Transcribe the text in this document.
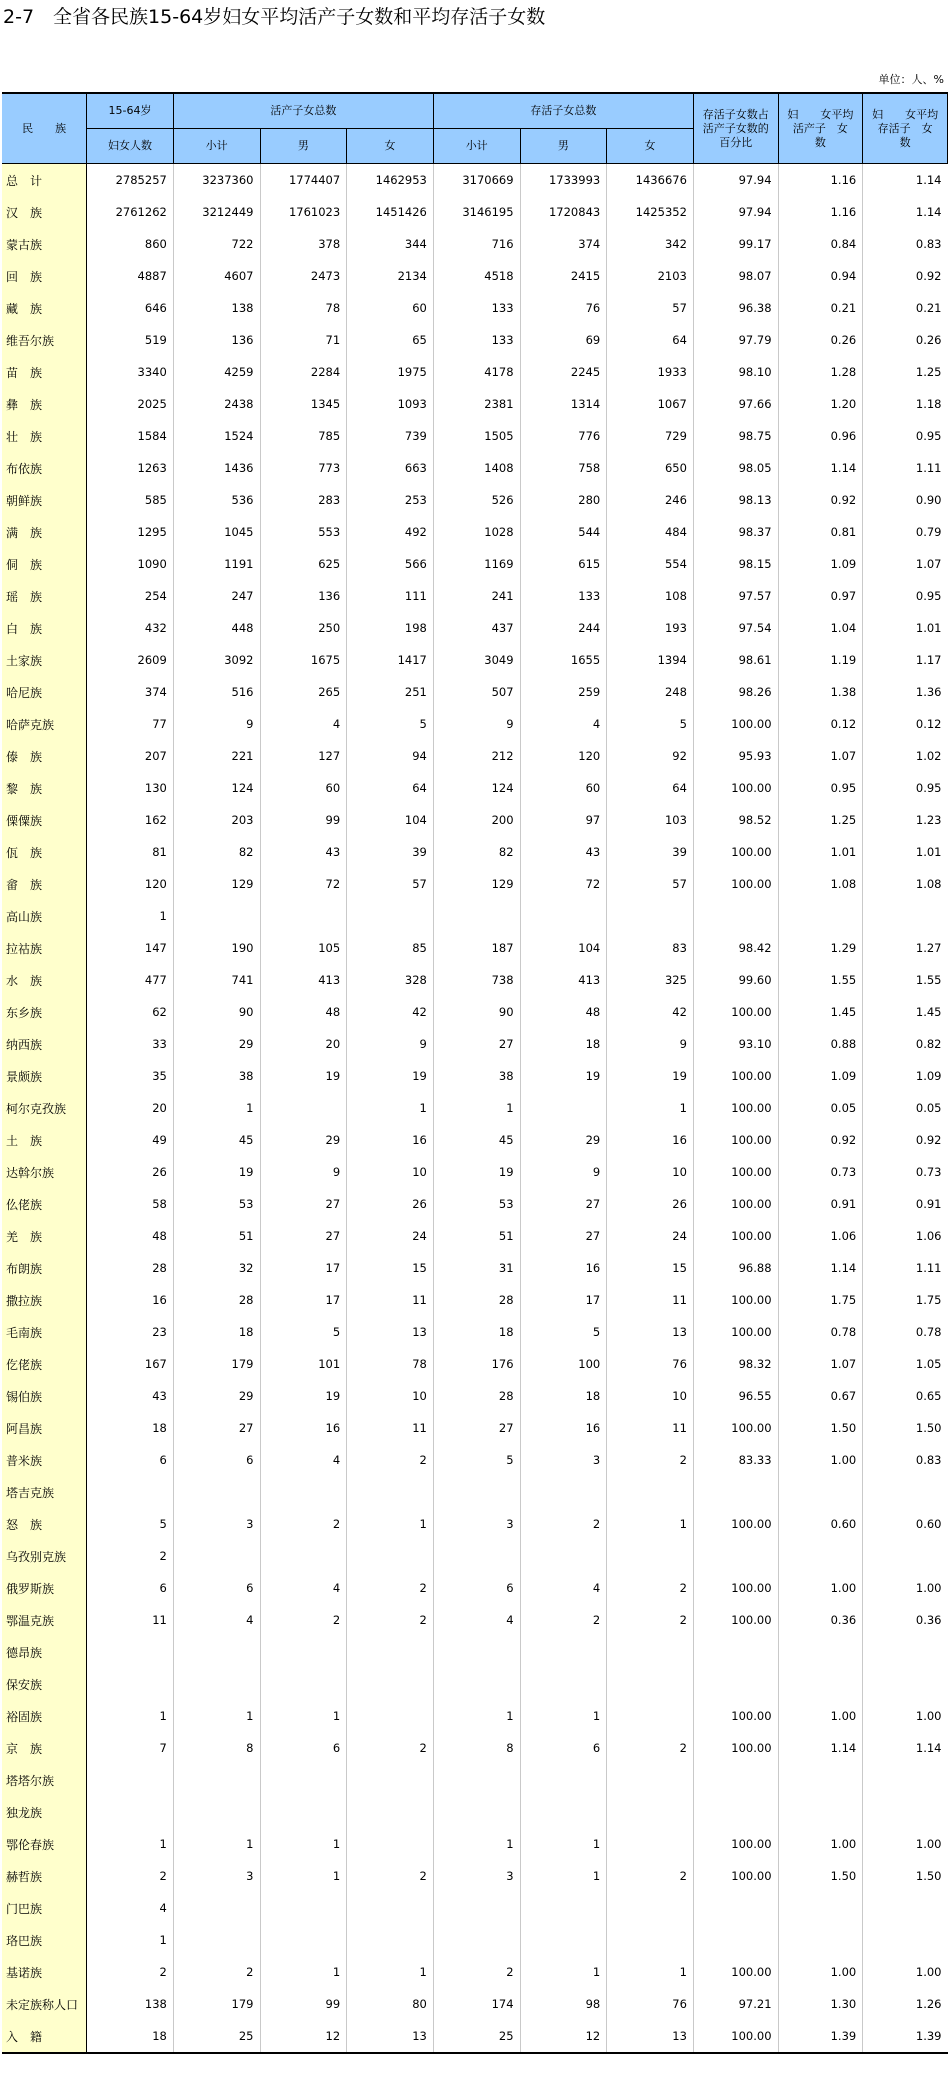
2-7　全省各民族15-64岁妇女平均活产子女数和平均存活子女数
单位：人、%
民　　族	15-64岁	活产子女总数			存活子女总数			存活子女数占活产子女数的百分比	妇　　女平均活产子　女　数	妇　　女平均存活子　女　数
	妇女人数	小计	男	女	小计	男	女			
总　计	2785257	3237360	1774407	1462953	3170669	1733993	1436676	97.94	1.16	1.14
汉　族	2761262	3212449	1761023	1451426	3146195	1720843	1425352	97.94	1.16	1.14
蒙古族	860	722	378	344	716	374	342	99.17	0.84	0.83
回　族	4887	4607	2473	2134	4518	2415	2103	98.07	0.94	0.92
藏　族	646	138	78	60	133	76	57	96.38	0.21	0.21
维吾尔族	519	136	71	65	133	69	64	97.79	0.26	0.26
苗　族	3340	4259	2284	1975	4178	2245	1933	98.10	1.28	1.25
彝　族	2025	2438	1345	1093	2381	1314	1067	97.66	1.20	1.18
壮　族	1584	1524	785	739	1505	776	729	98.75	0.96	0.95
布依族	1263	1436	773	663	1408	758	650	98.05	1.14	1.11
朝鲜族	585	536	283	253	526	280	246	98.13	0.92	0.90
满　族	1295	1045	553	492	1028	544	484	98.37	0.81	0.79
侗　族	1090	1191	625	566	1169	615	554	98.15	1.09	1.07
瑶　族	254	247	136	111	241	133	108	97.57	0.97	0.95
白　族	432	448	250	198	437	244	193	97.54	1.04	1.01
土家族	2609	3092	1675	1417	3049	1655	1394	98.61	1.19	1.17
哈尼族	374	516	265	251	507	259	248	98.26	1.38	1.36
哈萨克族	77	9	4	5	9	4	5	100.00	0.12	0.12
傣　族	207	221	127	94	212	120	92	95.93	1.07	1.02
黎　族	130	124	60	64	124	60	64	100.00	0.95	0.95
傈僳族	162	203	99	104	200	97	103	98.52	1.25	1.23
佤　族	81	82	43	39	82	43	39	100.00	1.01	1.01
畲　族	120	129	72	57	129	72	57	100.00	1.08	1.08
高山族	1									
拉祜族	147	190	105	85	187	104	83	98.42	1.29	1.27
水　族	477	741	413	328	738	413	325	99.60	1.55	1.55
东乡族	62	90	48	42	90	48	42	100.00	1.45	1.45
纳西族	33	29	20	9	27	18	9	93.10	0.88	0.82
景颇族	35	38	19	19	38	19	19	100.00	1.09	1.09
柯尔克孜族	20	1		1	1		1	100.00	0.05	0.05
土　族	49	45	29	16	45	29	16	100.00	0.92	0.92
达斡尔族	26	19	9	10	19	9	10	100.00	0.73	0.73
仫佬族	58	53	27	26	53	27	26	100.00	0.91	0.91
羌　族	48	51	27	24	51	27	24	100.00	1.06	1.06
布朗族	28	32	17	15	31	16	15	96.88	1.14	1.11
撒拉族	16	28	17	11	28	17	11	100.00	1.75	1.75
毛南族	23	18	5	13	18	5	13	100.00	0.78	0.78
仡佬族	167	179	101	78	176	100	76	98.32	1.07	1.05
锡伯族	43	29	19	10	28	18	10	96.55	0.67	0.65
阿昌族	18	27	16	11	27	16	11	100.00	1.50	1.50
普米族	6	6	4	2	5	3	2	83.33	1.00	0.83
塔吉克族										
怒　族	5	3	2	1	3	2	1	100.00	0.60	0.60
乌孜别克族	2									
俄罗斯族	6	6	4	2	6	4	2	100.00	1.00	1.00
鄂温克族	11	4	2	2	4	2	2	100.00	0.36	0.36
德昂族										
保安族										
裕固族	1	1	1		1	1		100.00	1.00	1.00
京　族	7	8	6	2	8	6	2	100.00	1.14	1.14
塔塔尔族										
独龙族										
鄂伦春族	1	1	1		1	1		100.00	1.00	1.00
赫哲族	2	3	1	2	3	1	2	100.00	1.50	1.50
门巴族	4									
珞巴族	1									
基诺族	2	2	1	1	2	1	1	100.00	1.00	1.00
未定族称人口	138	179	99	80	174	98	76	97.21	1.30	1.26
入　籍	18	25	12	13	25	12	13	100.00	1.39	1.39
